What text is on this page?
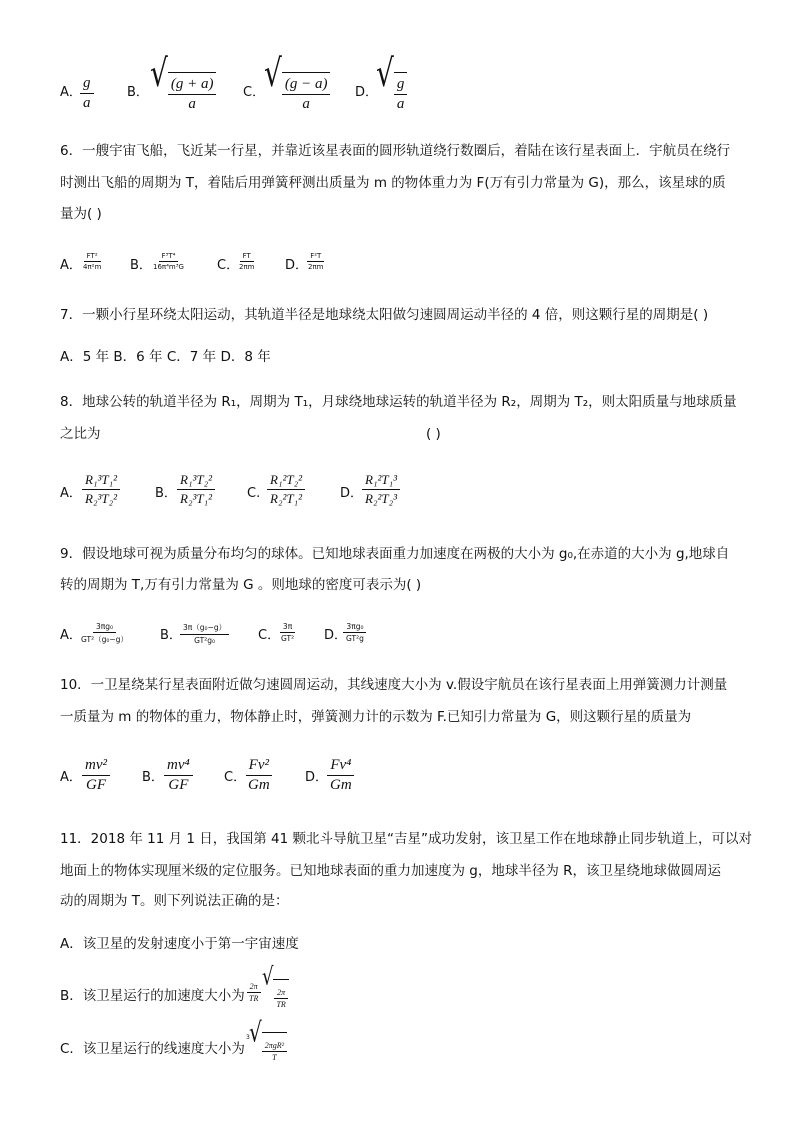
A．
$\frac{g}{a}$	B． √ $\frac{(g + a)}{a}$ C．
√ $\frac{(g - a)}{a}$ D．
√ $\frac{g}{a}$
6．一艘宇宙飞船，飞近某一行星，并靠近该星表面的圆形轨道绕行数圈后，着陆在该行星表面上．宇航员在绕行
时测出飞船的周期为 T，着陆后用弹簧秤测出质量为 m 的物体重力为 F(万有引力常量为 G)，那么，该星球的质
量为( )
A．
$\frac{\text{FT²}}{\text{4π²m}}$ B．
$\frac{\text{F³T⁴}}{\text{16π⁴m³G}}$ C．
$\frac{FT}{2\pi m}$ D．
$\frac{\text{F²T}}{2\pi m}$
7．一颗小行星环绕太阳运动，其轨道半径是地球绕太阳做匀速圆周运动半径的 4 倍，则这颗行星的周期是( )
A．5 年 B．6 年 C．7 年 D．8 年
8．地球公转的轨道半径为 R₁，周期为 T₁，月球绕地球运转的轨道半径为 R₂，周期为 T₂，则太阳质量与地球质量
之比为	( )
A． $\frac{\text{R₁³T₁²}}{\text{R₂³T₂²}}$	B． $\frac{\text{R₁³T₂²}}{\text{R₂³T₁²}} C$. $\frac{\text{R₁²T₂²}}{\text{R₂²T₁²}}$	D．
$\frac{\text{R₁²T₁³}}{\text{R₂²T₂³}}$
9．假设地球可视为质量分布均匀的球体。已知地球表面重力加速度在两极的大小为 g₀,在赤道的大小为 g,地球自
转的周期为 T,万有引力常量为 G 。则地球的密度可表示为( )
A．
$\frac{\text{3πg₀}}{\text{GT²（g₀−g）}}$ B．
$\frac{\text{3π（g₀−g）}}{\text{GT²g₀}}$ C．
$\frac{3\pi}{\text{GT²}}$ D．
$\frac{\text{3πg₀}}{\text{GT²g}}$
10．一卫星绕某行星表面附近做匀速圆周运动，其线速度大小为 v.假设宇航员在该行星表面上用弹簧测力计测量
一质量为 m 的物体的重力，物体静止时，弹簧测力计的示数为 F.已知引力常量为 G，则这颗行星的质量为
A． $\frac{\text{mv²}}{GF}$ B． $\frac{\text{mv⁴}}{GF}$ C．
$\frac{\text{Fv²}}{Gm}$ D．
$\frac{\text{Fv⁴}}{Gm}$
11．2018 年 11 月 1 日，我国第 41 颗北斗导航卫星“吉星”成功发射，该卫星工作在地球静止同步轨道上，可以对
地面上的物体实现厘米级的定位服务。已知地球表面的重力加速度为 g，地球半径为 R，该卫星绕地球做圆周运
动的周期为 T。则下列说法正确的是：
A．该卫星的发射速度小于第一宇宙速度
B．该卫星运行的加速度大小为 $\frac{2\pi}{TR}$
√
$\frac{2\pi}{TR}$
C．该卫星运行的线速度大小为
3 √
$\frac{\text{2πgR²}}{T}$
